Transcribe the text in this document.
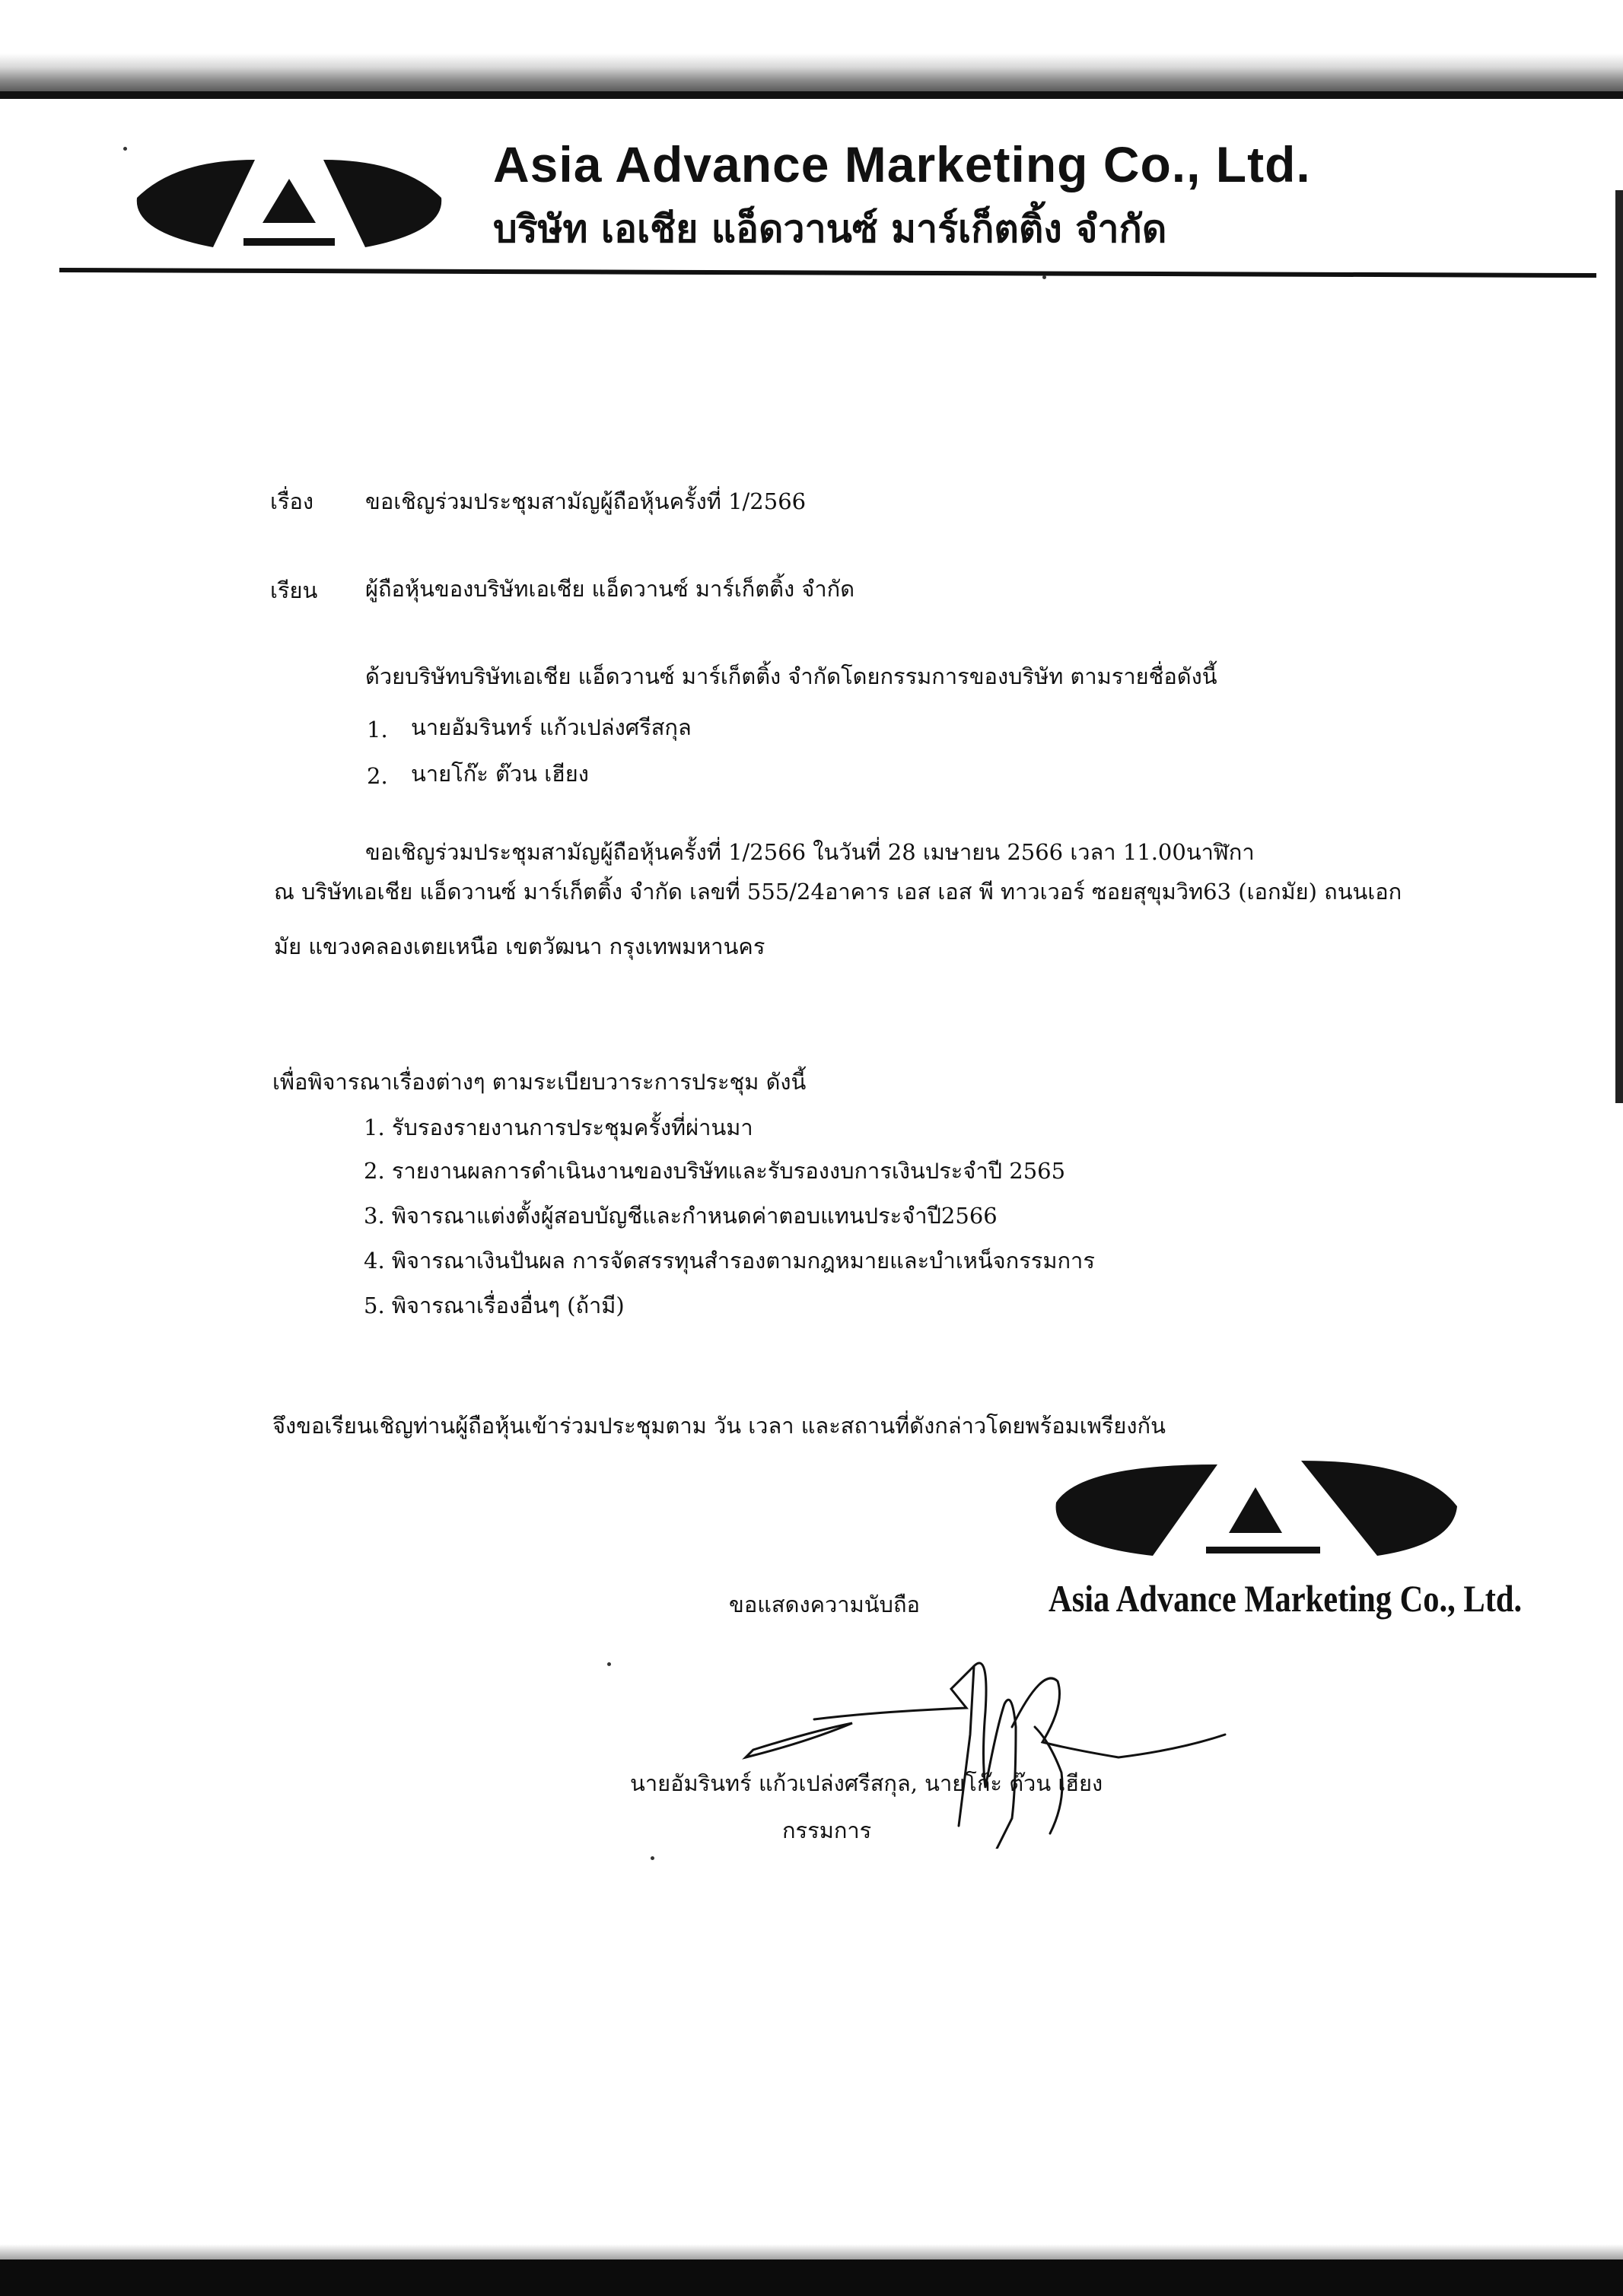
Asia Advance Marketing Co., Ltd.
บริษัท เอเชีย แอ็ดวานซ์ มาร์เก็ตติ้ง จำกัด
เรื่อง ขอเชิญร่วมประชุมสามัญผู้ถือหุ้นครั้งที่ 1/2566
เรียน ผู้ถือหุ้นของบริษัทเอเชีย แอ็ดวานซ์ มาร์เก็ตติ้ง จำกัด
ด้วยบริษัทบริษัทเอเชีย แอ็ดวานซ์ มาร์เก็ตติ้ง จำกัดโดยกรรมการของบริษัท ตามรายชื่อดังนี้
1. นายอัมรินทร์ แก้วเปล่งศรีสกุล
2. นายโก๊ะ ต๊วน เฮียง
ขอเชิญร่วมประชุมสามัญผู้ถือหุ้นครั้งที่ 1/2566 ในวันที่ 28 เมษายน 2566 เวลา 11.00นาฬิกา
ณ บริษัทเอเชีย แอ็ดวานซ์ มาร์เก็ตติ้ง จำกัด เลขที่ 555/24อาคาร เอส เอส พี ทาวเวอร์ ซอยสุขุมวิท63 (เอกมัย) ถนนเอก
มัย แขวงคลองเตยเหนือ เขตวัฒนา กรุงเทพมหานคร
เพื่อพิจารณาเรื่องต่างๆ ตามระเบียบวาระการประชุม ดังนี้
1. รับรองรายงานการประชุมครั้งที่ผ่านมา
2. รายงานผลการดำเนินงานของบริษัทและรับรองงบการเงินประจำปี 2565
3. พิจารณาแต่งตั้งผู้สอบบัญชีและกำหนดค่าตอบแทนประจำปี2566
4. พิจารณาเงินปันผล การจัดสรรทุนสำรองตามกฎหมายและบำเหน็จกรรมการ
5. พิจารณาเรื่องอื่นๆ (ถ้ามี)
จึงขอเรียนเชิญท่านผู้ถือหุ้นเข้าร่วมประชุมตาม วัน เวลา และสถานที่ดังกล่าวโดยพร้อมเพรียงกัน
Asia Advance Marketing Co., Ltd.
ขอแสดงความนับถือ
นายอัมรินทร์ แก้วเปล่งศรีสกุล, นายโก๊ะ ต๊วน เฮียง
กรรมการ
